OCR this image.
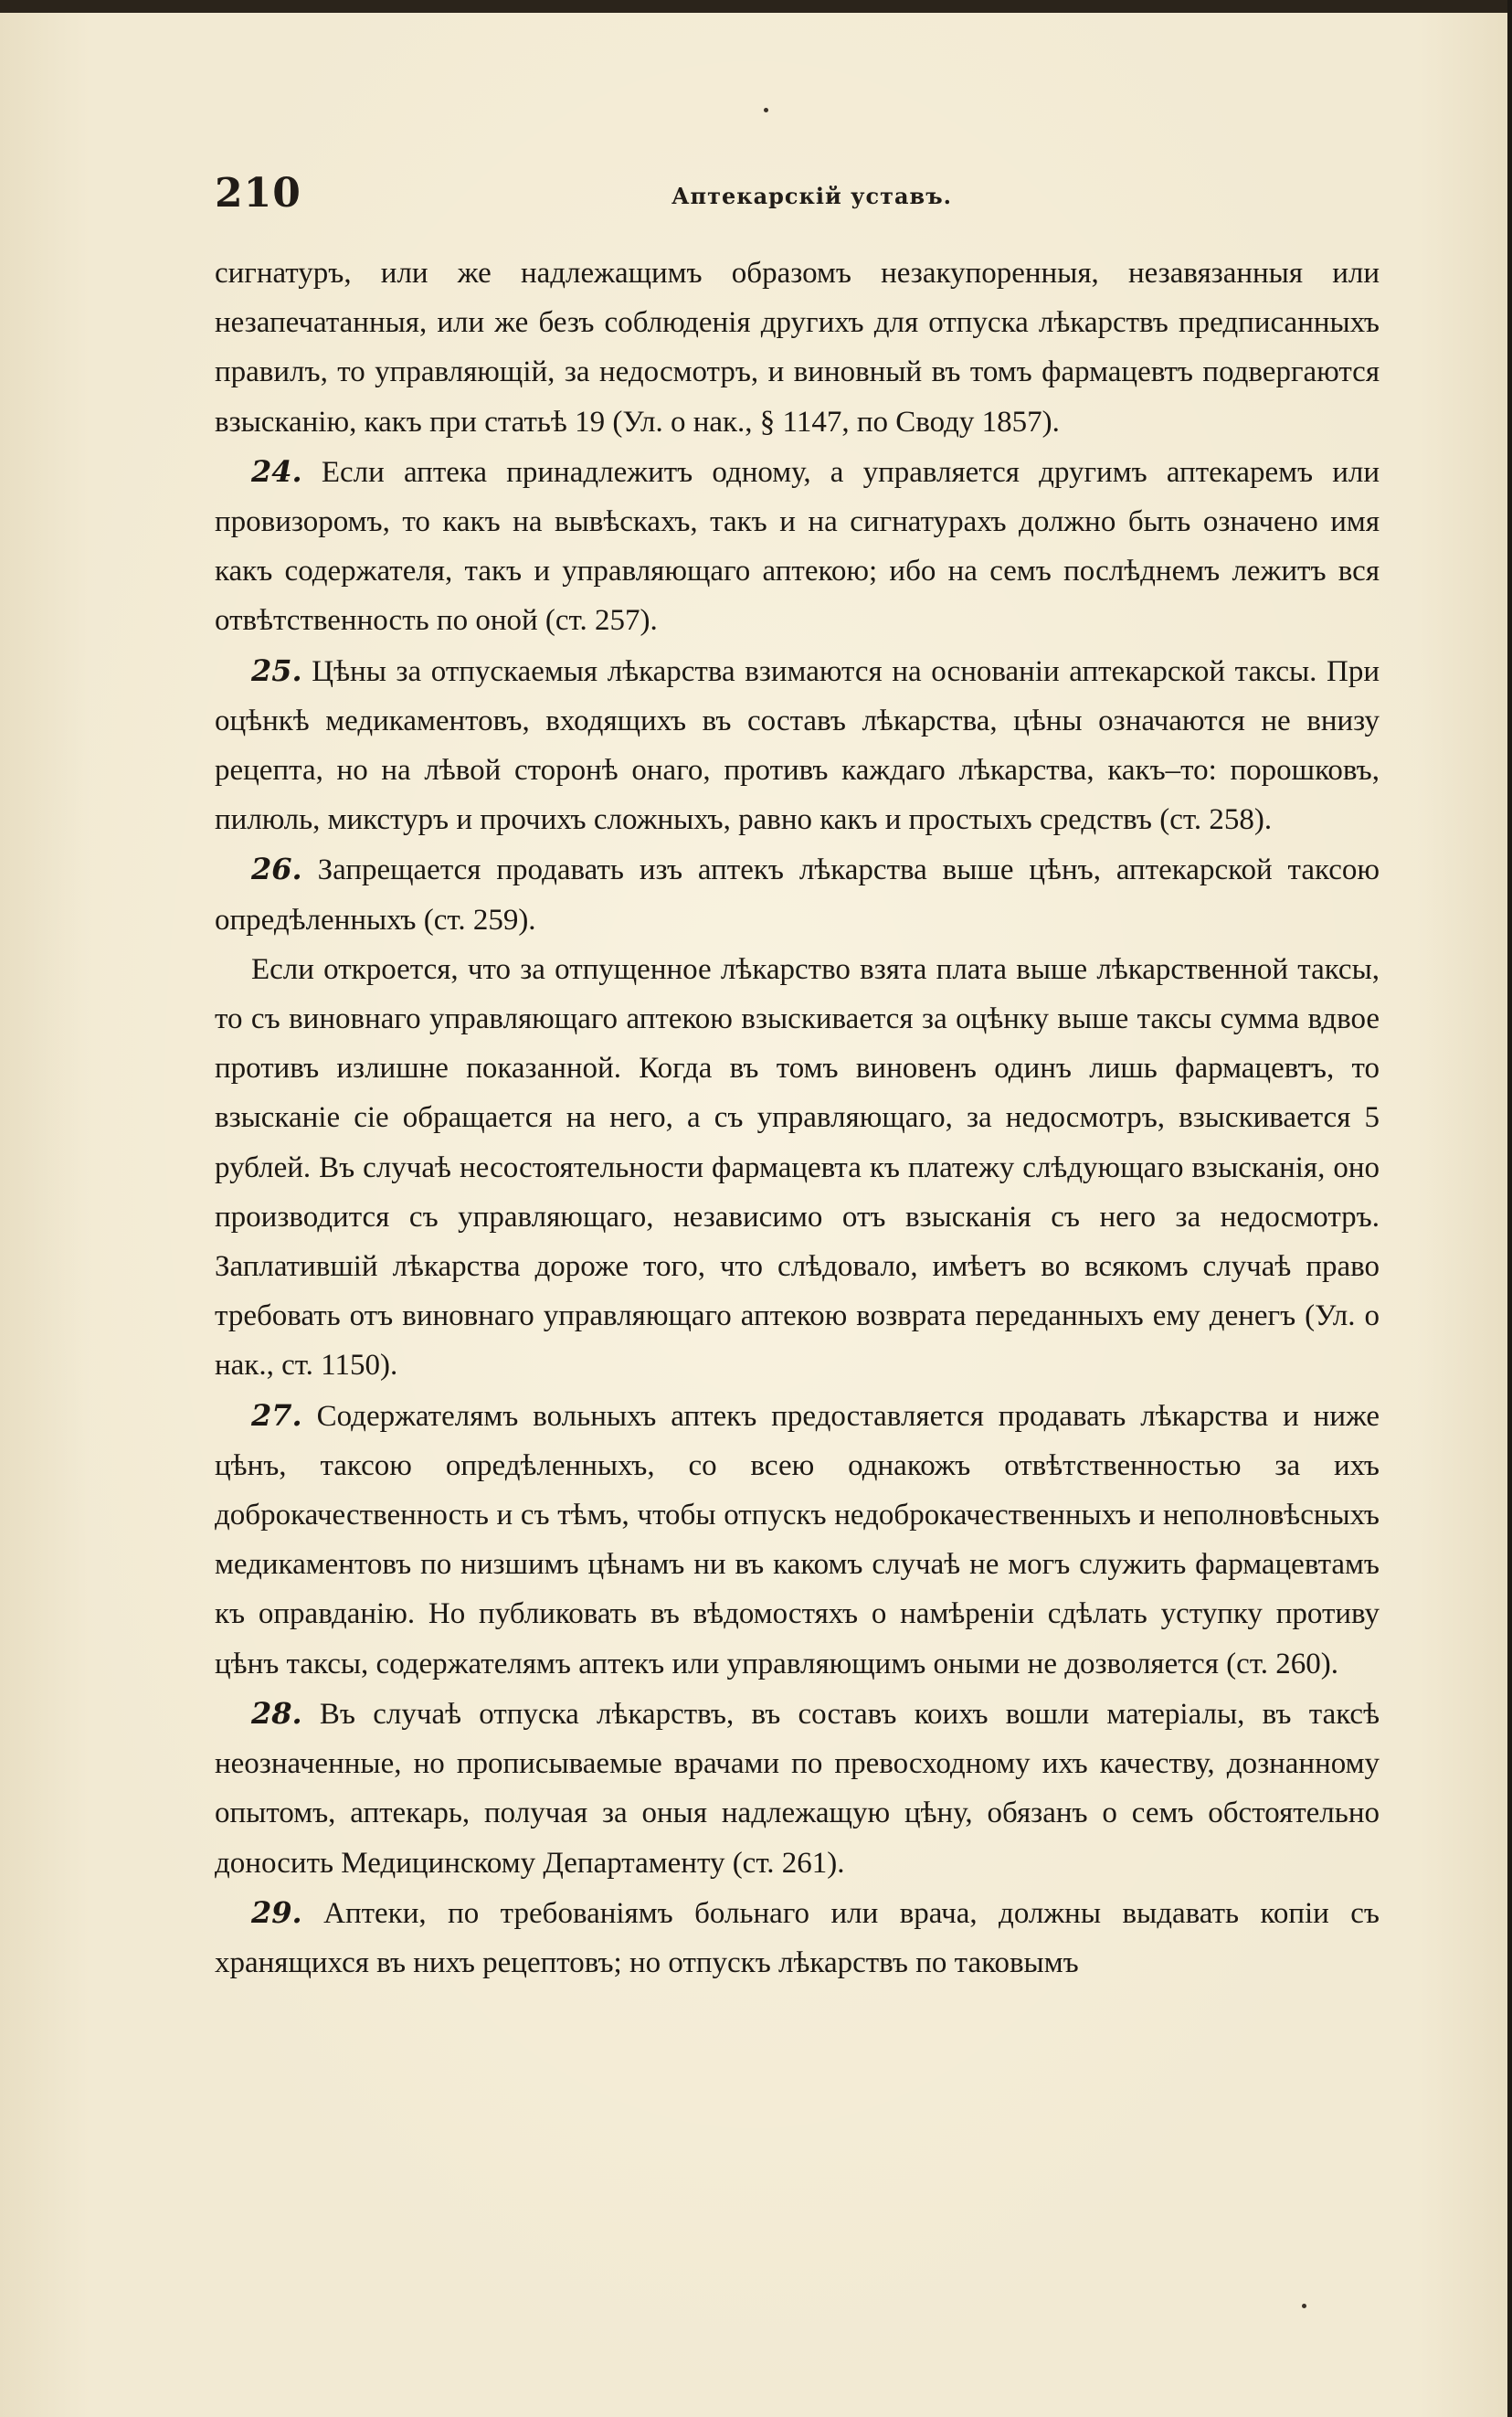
210	Аптекарскій уставъ.

сигнатуръ, или же надлежащимъ образомъ незакупоренныя, незавязанныя или незапечатанныя, или же безъ соблюденія другихъ для отпуска лѣкарствъ предписанныхъ правилъ, то управляющій, за недосмотръ, и виновный въ томъ фармацевтъ подвергаются взысканію, какъ при статьѣ 19 (Ул. о нак., § 1147, по Своду 1857).

24. Если аптека принадлежитъ одному, а управляется другимъ аптекаремъ или провизоромъ, то какъ на вывѣскахъ, такъ и на сигнатурахъ должно быть означено имя какъ содержателя, такъ и управляющаго аптекою; ибо на семъ послѣднемъ лежитъ вся отвѣтственность по оной (ст. 257).

25. Цѣны за отпускаемыя лѣкарства взимаются на основаніи аптекарской таксы. При оцѣнкѣ медикаментовъ, входящихъ въ составъ лѣкарства, цѣны означаются не внизу рецепта, но на лѣвой сторонѣ онаго, противъ каждаго лѣкарства, какъ–то: порошковъ, пилюль, микстуръ и прочихъ сложныхъ, равно какъ и простыхъ средствъ (ст. 258).

26. Запрещается продавать изъ аптекъ лѣкарства выше цѣнъ, аптекарской таксою опредѣленныхъ (ст. 259).

Если откроется, что за отпущенное лѣкарство взята плата выше лѣкарственной таксы, то съ виновнаго управляющаго аптекою взыскивается за оцѣнку выше таксы сумма вдвое противъ излишне показанной. Когда въ томъ виновенъ одинъ лишь фармацевтъ, то взысканіе сіе обращается на него, а съ управляющаго, за недосмотръ, взыскивается 5 рублей. Въ случаѣ несостоятельности фармацевта къ платежу слѣдующаго взысканія, оно производится съ управляющаго, независимо отъ взысканія съ него за недосмотръ. Заплатившій лѣкарства дороже того, что слѣдовало, имѣетъ во всякомъ случаѣ право требовать отъ виновнаго управляющаго аптекою возврата переданныхъ ему денегъ (Ул. о нак., ст. 1150).

27. Содержателямъ вольныхъ аптекъ предоставляется продавать лѣкарства и ниже цѣнъ, таксою опредѣленныхъ, со всею однакожъ отвѣтственностью за ихъ доброкачественность и съ тѣмъ, чтобы отпускъ недоброкачественныхъ и неполновѣсныхъ медикаментовъ по низшимъ цѣнамъ ни въ какомъ случаѣ не могъ служить фармацевтамъ къ оправданію. Но публиковать въ вѣдомостяхъ о намѣреніи сдѣлать уступку противу цѣнъ таксы, содержателямъ аптекъ или управляющимъ оными не дозволяется (ст. 260).

28. Въ случаѣ отпуска лѣкарствъ, въ составъ коихъ вошли матеріалы, въ таксѣ неозначенные, но прописываемые врачами по превосходному ихъ качеству, дознанному опытомъ, аптекарь, получая за оныя надлежащую цѣну, обязанъ о семъ обстоятельно доносить Медицинскому Департаменту (ст. 261).

29. Аптеки, по требованіямъ больнаго или врача, должны выдавать копіи съ хранящихся въ нихъ рецептовъ; но отпускъ лѣкарствъ по таковымъ
